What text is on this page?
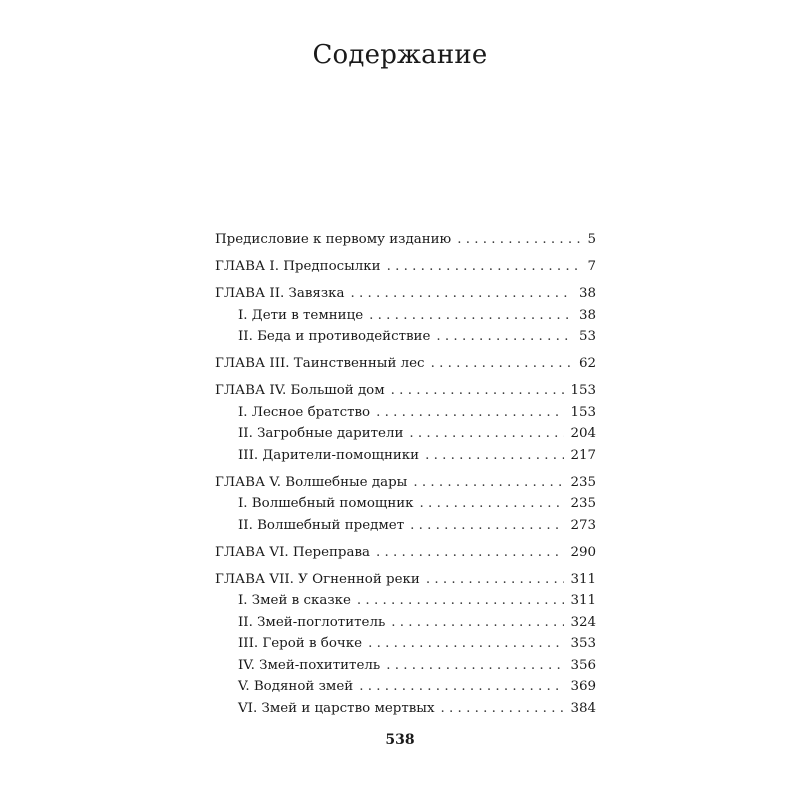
Содержание
Предисловие к первому изданию . . .	5
ГЛАВА I. Предпосылки . . .	7
ГЛАВА II. Завязка . . .	38
I. Дети в темнице . . .	38
II. Беда и противодействие . . .	53
ГЛАВА III. Таинственный лес . . .	62
ГЛАВА IV. Большой дом . . .	153
I. Лесное братство . . .	153
II. Загробные дарители . . .	204
III. Дарители-помощники . . .	217
ГЛАВА V. Волшебные дары . . .	235
I. Волшебный помощник . . .	235
II. Волшебный предмет . . .	273
ГЛАВА VI. Переправа . . .	290
ГЛАВА VII. У Огненной реки . . .	311
I. Змей в сказке . . .	311
II. Змей-поглотитель . . .	324
III. Герой в бочке . . .	353
IV. Змей-похититель . . .	356
V. Водяной змей . . .	369
VI. Змей и царство мертвых . . .	384
538
